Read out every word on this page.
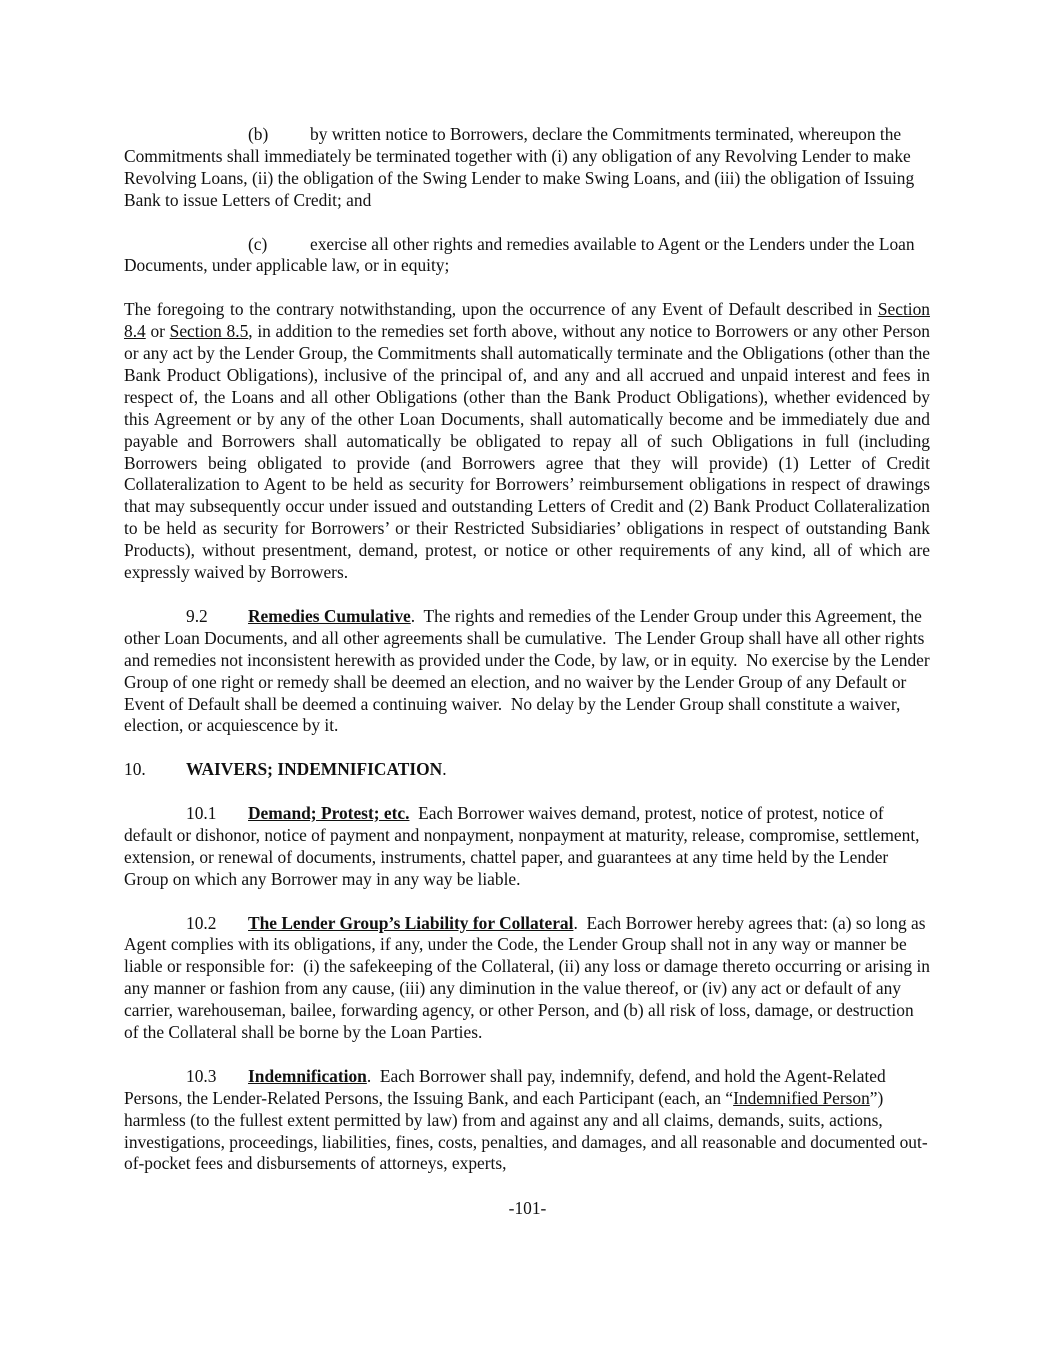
(b) by written notice to Borrowers, declare the Commitments terminated, whereupon the Commitments shall immediately be terminated together with (i) any obligation of any Revolving Lender to make Revolving Loans, (ii) the obligation of the Swing Lender to make Swing Loans, and (iii) the obligation of Issuing Bank to issue Letters of Credit; and

(c) exercise all other rights and remedies available to Agent or the Lenders under the Loan Documents, under applicable law, or in equity;

The foregoing to the contrary notwithstanding, upon the occurrence of any Event of Default described in Section 8.4 or Section 8.5, in addition to the remedies set forth above, without any notice to Borrowers or any other Person or any act by the Lender Group, the Commitments shall automatically terminate and the Obligations (other than the Bank Product Obligations), inclusive of the principal of, and any and all accrued and unpaid interest and fees in respect of, the Loans and all other Obligations (other than the Bank Product Obligations), whether evidenced by this Agreement or by any of the other Loan Documents, shall automatically become and be immediately due and payable and Borrowers shall automatically be obligated to repay all of such Obligations in full (including Borrowers being obligated to provide (and Borrowers agree that they will provide) (1) Letter of Credit Collateralization to Agent to be held as security for Borrowers’ reimbursement obligations in respect of drawings that may subsequently occur under issued and outstanding Letters of Credit and (2) Bank Product Collateralization to be held as security for Borrowers’ or their Restricted Subsidiaries’ obligations in respect of outstanding Bank Products), without presentment, demand, protest, or notice or other requirements of any kind, all of which are expressly waived by Borrowers.

9.2 Remedies Cumulative.  The rights and remedies of the Lender Group under this Agreement, the other Loan Documents, and all other agreements shall be cumulative.  The Lender Group shall have all other rights and remedies not inconsistent herewith as provided under the Code, by law, or in equity.  No exercise by the Lender Group of one right or remedy shall be deemed an election, and no waiver by the Lender Group of any Default or Event of Default shall be deemed a continuing waiver.  No delay by the Lender Group shall constitute a waiver, election, or acquiescence by it.

10. WAIVERS; INDEMNIFICATION.

10.1 Demand; Protest; etc.  Each Borrower waives demand, protest, notice of protest, notice of default or dishonor, notice of payment and nonpayment, nonpayment at maturity, release, compromise, settlement, extension, or renewal of documents, instruments, chattel paper, and guarantees at any time held by the Lender Group on which any Borrower may in any way be liable.

10.2 The Lender Group’s Liability for Collateral.  Each Borrower hereby agrees that: (a) so long as Agent complies with its obligations, if any, under the Code, the Lender Group shall not in any way or manner be liable or responsible for:  (i) the safekeeping of the Collateral, (ii) any loss or damage thereto occurring or arising in any manner or fashion from any cause, (iii) any diminution in the value thereof, or (iv) any act or default of any carrier, warehouseman, bailee, forwarding agency, or other Person, and (b) all risk of loss, damage, or destruction of the Collateral shall be borne by the Loan Parties.

10.3 Indemnification.  Each Borrower shall pay, indemnify, defend, and hold the Agent-Related Persons, the Lender-Related Persons, the Issuing Bank, and each Participant (each, an “Indemnified Person”) harmless (to the fullest extent permitted by law) from and against any and all claims, demands, suits, actions, investigations, proceedings, liabilities, fines, costs, penalties, and damages, and all reasonable and documented out-of-pocket fees and disbursements of attorneys, experts,

-101-
